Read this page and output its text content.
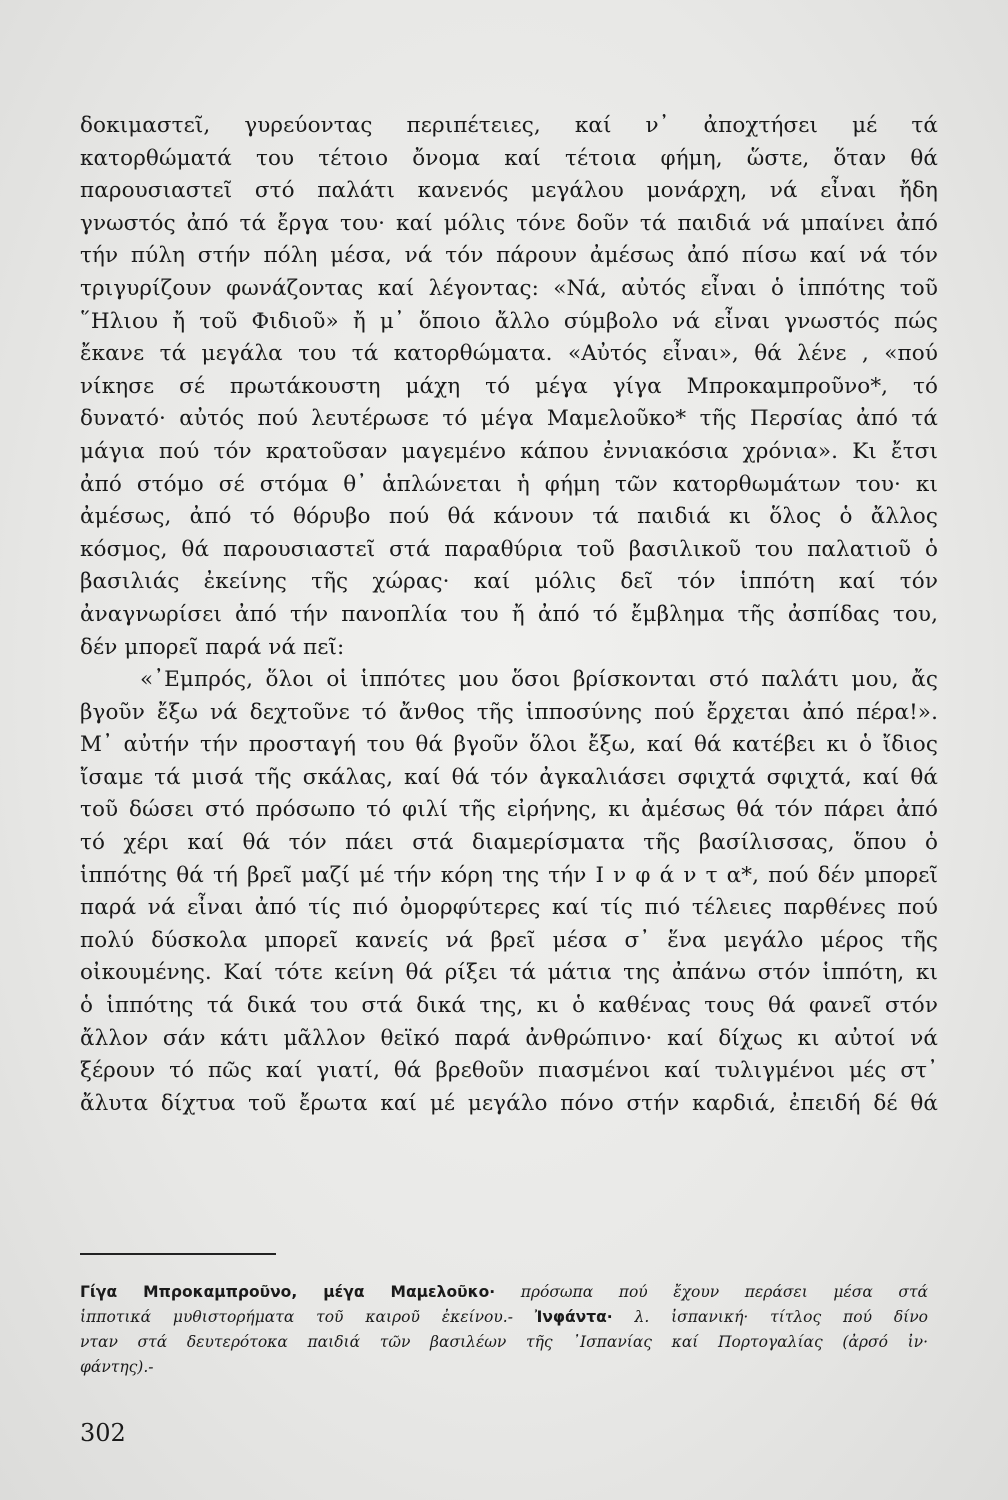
δοκιμαστεῖ, γυρεύοντας περιπέτειες, καί ν᾽ ἀποχτήσει μέ τά
κατορθώματά του τέτοιο ὄνομα καί τέτοια φήμη, ὥστε, ὅταν θά
παρουσιαστεῖ στό παλάτι κανενός μεγάλου μονάρχη, νά εἶναι ἤδη
γνωστός ἀπό τά ἔργα του· καί μόλις τόνε δοῦν τά παιδιά νά μπαίνει ἀπό
τήν πύλη στήν πόλη μέσα, νά τόν πάρουν ἀμέσως ἀπό πίσω καί νά τόν
τριγυρίζουν φωνάζοντας καί λέγοντας: «Νά, αὐτός εἶναι ὁ ἱππότης τοῦ
῞Ηλιου ἤ τοῦ Φιδιοῦ» ἤ μ᾽ ὅποιο ἄλλο σύμβολο νά εἶναι γνωστός πώς
ἔκανε τά μεγάλα του τά κατορθώματα. «Αὐτός εἶναι», θά λένε , «πού
νίκησε σέ πρωτάκουστη μάχη τό μέγα γίγα Μπροκαμπροῦνο*, τό
δυνατό· αὐτός πού λευτέρωσε τό μέγα Μαμελοῦκο* τῆς Περσίας ἀπό τά
μάγια πού τόν κρατοῦσαν μαγεμένο κάπου ἐννιακόσια χρόνια». Κι ἔτσι
ἀπό στόμο σέ στόμα θ᾽ ἁπλώνεται ἡ φήμη τῶν κατορθωμάτων του· κι
ἀμέσως, ἀπό τό θόρυβο πού θά κάνουν τά παιδιά κι ὅλος ὁ ἄλλος
κόσμος, θά παρουσιαστεῖ στά παραθύρια τοῦ βασιλικοῦ του παλατιοῦ ὁ
βασιλιάς ἐκείνης τῆς χώρας· καί μόλις δεῖ τόν ἱππότη καί τόν
ἀναγνωρίσει ἀπό τήν πανοπλία του ἤ ἀπό τό ἔμβλημα τῆς ἀσπίδας του,
δέν μπορεῖ παρά νά πεῖ:
«᾽Εμπρός, ὅλοι οἱ ἱππότες μου ὅσοι βρίσκονται στό παλάτι μου, ἄς
βγοῦν ἔξω νά δεχτοῦνε τό ἄνθος τῆς ἱπποσύνης πού ἔρχεται ἀπό πέρα!».
Μ᾽ αὐτήν τήν προσταγή του θά βγοῦν ὅλοι ἔξω, καί θά κατέβει κι ὁ ἴδιος
ἴσαμε τά μισά τῆς σκάλας, καί θά τόν ἀγκαλιάσει σφιχτά σφιχτά, καί θά
τοῦ δώσει στό πρόσωπο τό φιλί τῆς εἰρήνης, κι ἀμέσως θά τόν πάρει ἀπό
τό χέρι καί θά τόν πάει στά διαμερίσματα τῆς βασίλισσας, ὅπου ὁ
ἱππότης θά τή βρεῖ μαζί μέ τήν κόρη της τήν Ι ν φ ά ν τ α*, πού δέν μπορεῖ
παρά νά εἶναι ἀπό τίς πιό ὀμορφύτερες καί τίς πιό τέλειες παρθένες πού
πολύ δύσκολα μπορεῖ κανείς νά βρεῖ μέσα σ᾽ ἕνα μεγάλο μέρος τῆς
οἰκουμένης. Καί τότε κείνη θά ρίξει τά μάτια της ἀπάνω στόν ἱππότη, κι
ὁ ἱππότης τά δικά του στά δικά της, κι ὁ καθένας τους θά φανεῖ στόν
ἄλλον σάν κάτι μᾶλλον θεϊκό παρά ἀνθρώπινο· καί δίχως κι αὐτοί νά
ξέρουν τό πῶς καί γιατί, θά βρεθοῦν πιασμένοι καί τυλιγμένοι μές στ᾽
ἄλυτα δίχτυα τοῦ ἔρωτα καί μέ μεγάλο πόνο στήν καρδιά, ἐπειδή δέ θά
Γίγα Μπροκαμπροῦνο, μέγα Μαμελοῦκο· πρόσωπα πού ἔχουν περάσει μέσα στά
ἱπποτικά μυθιστορήματα τοῦ καιροῦ ἐκείνου.- Ἰνφάντα· λ. ἰσπανική· τίτλος πού δίνο
νταν στά δευτερότοκα παιδιά τῶν βασιλέων τῆς ᾽Ισπανίας καί Πορτογαλίας (ἀρσό ἰν·
φάντης).-
302
